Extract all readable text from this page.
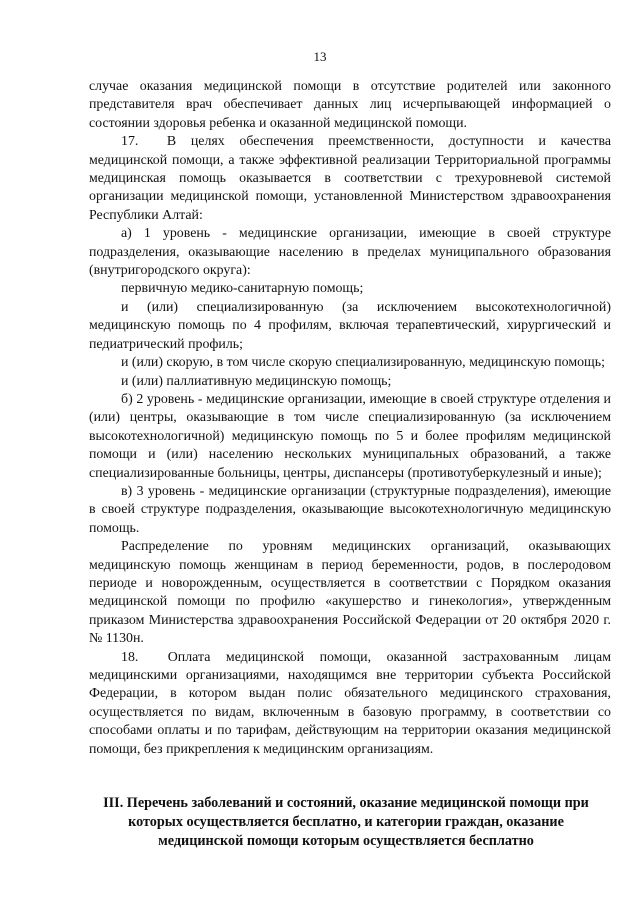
13

случае оказания медицинской помощи в отсутствие родителей или законного представителя врач обеспечивает данных лиц исчерпывающей информацией о состоянии здоровья ребенка и оказанной медицинской помощи.

17.  В целях обеспечения преемственности, доступности и качества медицинской помощи, а также эффективной реализации Территориальной программы медицинская помощь оказывается в соответствии с трехуровневой системой организации медицинской помощи, установленной Министерством здравоохранения Республики Алтай:

а) 1 уровень - медицинские организации, имеющие в своей структуре подразделения, оказывающие населению в пределах муниципального образования (внутригородского округа):

первичную медико-санитарную помощь;

и (или) специализированную (за исключением высокотехнологичной) медицинскую помощь по 4 профилям, включая терапевтический, хирургический и педиатрический профиль;

и (или) скорую, в том числе скорую специализированную, медицинскую помощь;

и (или) паллиативную медицинскую помощь;

б) 2 уровень - медицинские организации, имеющие в своей структуре отделения и (или) центры, оказывающие в том числе специализированную (за исключением высокотехнологичной) медицинскую помощь по 5 и более профилям медицинской помощи и (или) населению нескольких муниципальных образований, а также специализированные больницы, центры, диспансеры (противотуберкулезный и иные);

в) 3 уровень - медицинские организации (структурные подразделения), имеющие в своей структуре подразделения, оказывающие высокотехнологичную медицинскую помощь.

Распределение по уровням медицинских организаций, оказывающих медицинскую помощь женщинам в период беременности, родов, в послеродовом периоде и новорожденным, осуществляется в соответствии с Порядком оказания медицинской помощи по профилю «акушерство и гинекология», утвержденным приказом Министерства здравоохранения Российской Федерации от 20 октября 2020 г. № 1130н.

18.  Оплата медицинской помощи, оказанной застрахованным лицам медицинскими организациями, находящимся вне территории субъекта Российской Федерации, в котором выдан полис обязательного медицинского страхования, осуществляется по видам, включенным в базовую программу, в соответствии со способами оплаты и по тарифам, действующим на территории оказания медицинской помощи, без прикрепления к медицинским организациям.

III. Перечень заболеваний и состояний, оказание медицинской помощи при
которых осуществляется бесплатно, и категории граждан, оказание
медицинской помощи которым осуществляется бесплатно
